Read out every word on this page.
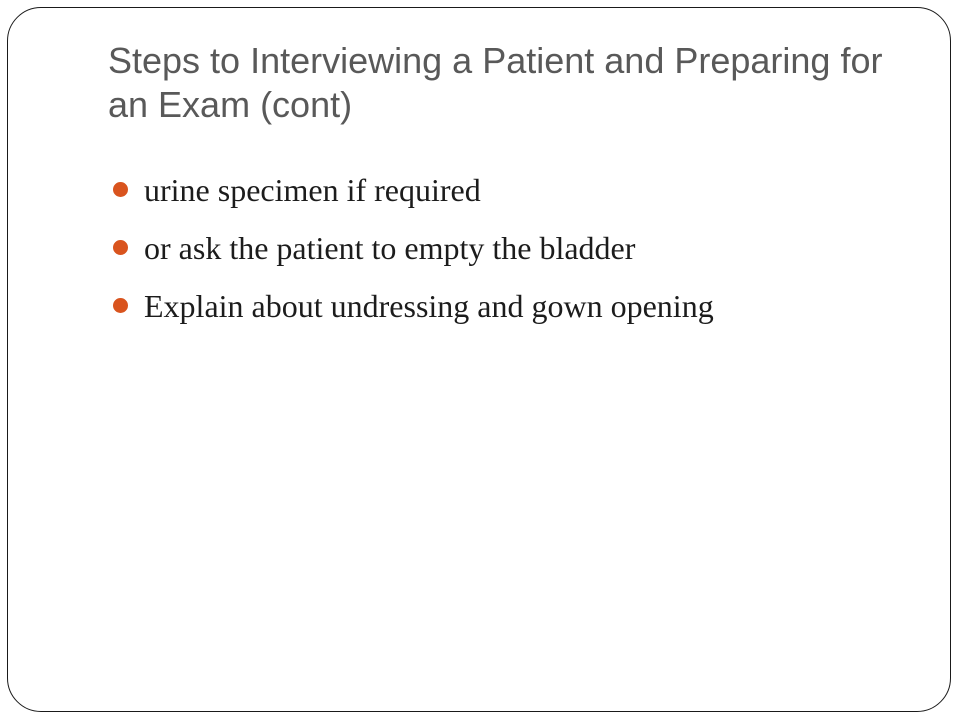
Steps to Interviewing a Patient and Preparing for an Exam (cont)
urine specimen if required
or ask the patient to empty the bladder
Explain about undressing and gown opening
